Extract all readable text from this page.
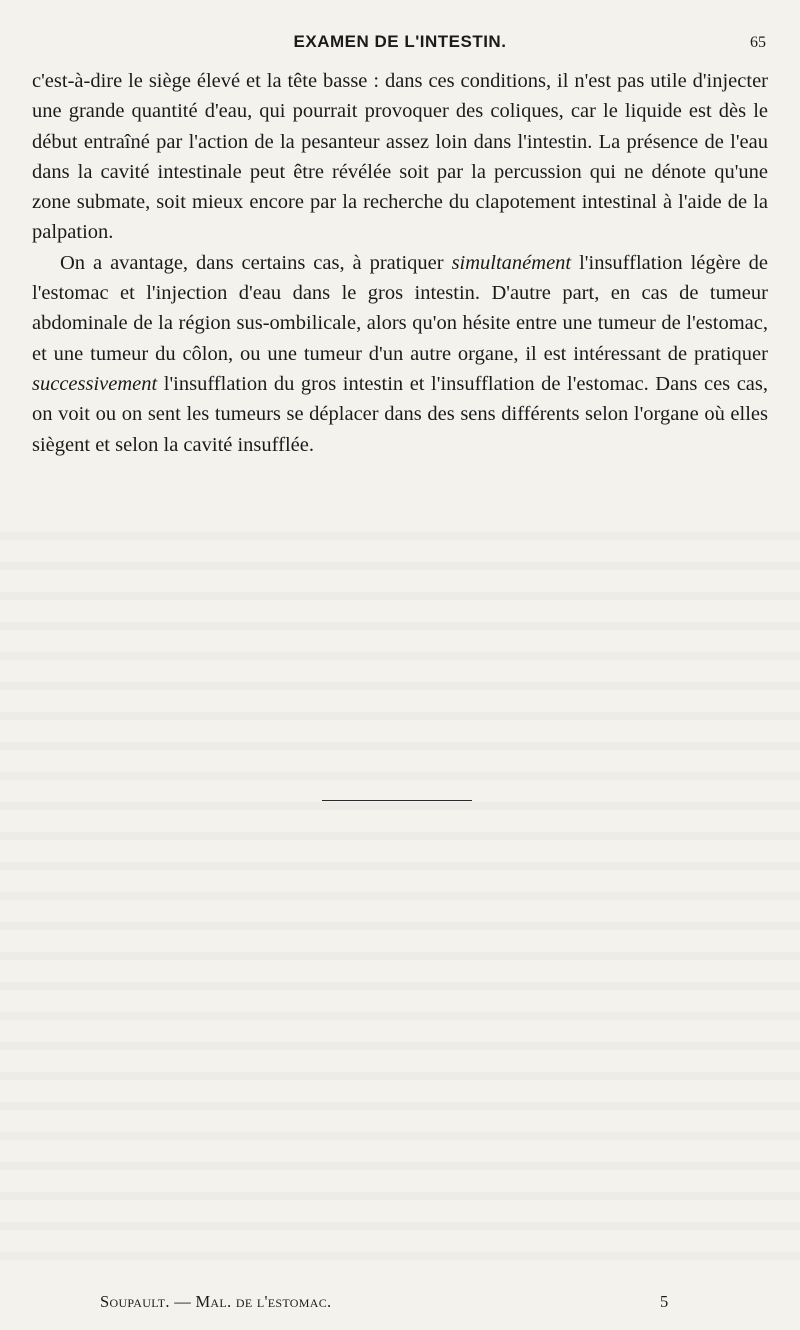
EXAMEN DE L'INTESTIN.	65

c'est-à-dire le siège élevé et la tête basse : dans ces conditions, il n'est pas utile d'injecter une grande quantité d'eau, qui pourrait provoquer des coliques, car le liquide est dès le début entraîné par l'action de la pesanteur assez loin dans l'intestin. La présence de l'eau dans la cavité intestinale peut être révélée soit par la percussion qui ne dénote qu'une zone submate, soit mieux encore par la recherche du clapotement intestinal à l'aide de la palpation.

On a avantage, dans certains cas, à pratiquer simultanément l'insufflation légère de l'estomac et l'injection d'eau dans le gros intestin. D'autre part, en cas de tumeur abdominale de la région sus-ombilicale, alors qu'on hésite entre une tumeur de l'estomac, et une tumeur du côlon, ou une tumeur d'un autre organe, il est intéressant de pratiquer successivement l'insufflation du gros intestin et l'insufflation de l'estomac. Dans ces cas, on voit ou on sent les tumeurs se déplacer dans des sens différents selon l'organe où elles siègent et selon la cavité insufflée.

Soupault. — Mal. de l'estomac.	5
